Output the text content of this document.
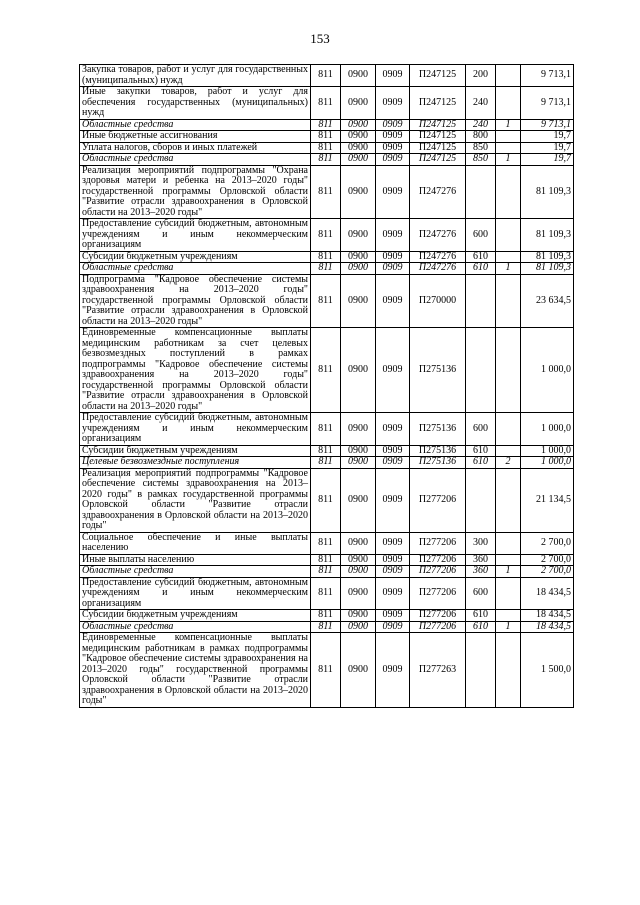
153
Закупка товаров, работ и услуг для государственных (муниципальных) нужд	811	0900	0909	П247125	200		9 713,1
Иные закупки товаров, работ и услуг для обеспечения государственных (муниципальных) нужд	811	0900	0909	П247125	240		9 713,1
Областные средства	811	0900	0909	П247125	240	1	9 713,1
Иные бюджетные ассигнования	811	0900	0909	П247125	800		19,7
Уплата налогов, сборов и иных платежей	811	0900	0909	П247125	850		19,7
Областные средства	811	0900	0909	П247125	850	1	19,7
Реализация мероприятий подпрограммы "Охрана здоровья матери и ребенка на 2013–2020 годы" государственной программы Орловской области "Развитие отрасли здравоохранения в Орловской области на 2013–2020 годы"	811	0900	0909	П247276			81 109,3
Предоставление субсидий бюджетным, автономным учреждениям и иным некоммерческим организациям	811	0900	0909	П247276	600		81 109,3
Субсидии бюджетным учреждениям	811	0900	0909	П247276	610		81 109,3
Областные средства	811	0900	0909	П247276	610	1	81 109,3
Подпрограмма "Кадровое обеспечение системы здравоохранения на 2013–2020 годы" государственной программы Орловской области "Развитие отрасли здравоохранения в Орловской области на 2013–2020 годы"	811	0900	0909	П270000			23 634,5
Единовременные компенсационные выплаты медицинским работникам за счет целевых безвозмездных поступлений в рамках подпрограммы "Кадровое обеспечение системы здравоохранения на 2013–2020 годы" государственной программы Орловской области "Развитие отрасли здравоохранения в Орловской области на 2013–2020 годы"	811	0900	0909	П275136			1 000,0
Предоставление субсидий бюджетным, автономным учреждениям и иным некоммерческим организациям	811	0900	0909	П275136	600		1 000,0
Субсидии бюджетным учреждениям	811	0900	0909	П275136	610		1 000,0
Целевые безвозмездные поступления	811	0900	0909	П275136	610	2	1 000,0
Реализация мероприятий подпрограммы "Кадровое обеспечение системы здравоохранения на 2013–2020 годы" в рамках государственной программы Орловской области "Развитие отрасли здравоохранения в Орловской области на 2013–2020 годы"	811	0900	0909	П277206			21 134,5
Социальное обеспечение и иные выплаты населению	811	0900	0909	П277206	300		2 700,0
Иные выплаты населению	811	0900	0909	П277206	360		2 700,0
Областные средства	811	0900	0909	П277206	360	1	2 700,0
Предоставление субсидий бюджетным, автономным учреждениям и иным некоммерческим организациям	811	0900	0909	П277206	600		18 434,5
Субсидии бюджетным учреждениям	811	0900	0909	П277206	610		18 434,5
Областные средства	811	0900	0909	П277206	610	1	18 434,5
Единовременные компенсационные выплаты медицинским работникам в рамках подпрограммы "Кадровое обеспечение системы здравоохранения на 2013–2020 годы" государственной программы Орловской области "Развитие отрасли здравоохранения в Орловской области на 2013–2020 годы"	811	0900	0909	П277263			1 500,0
